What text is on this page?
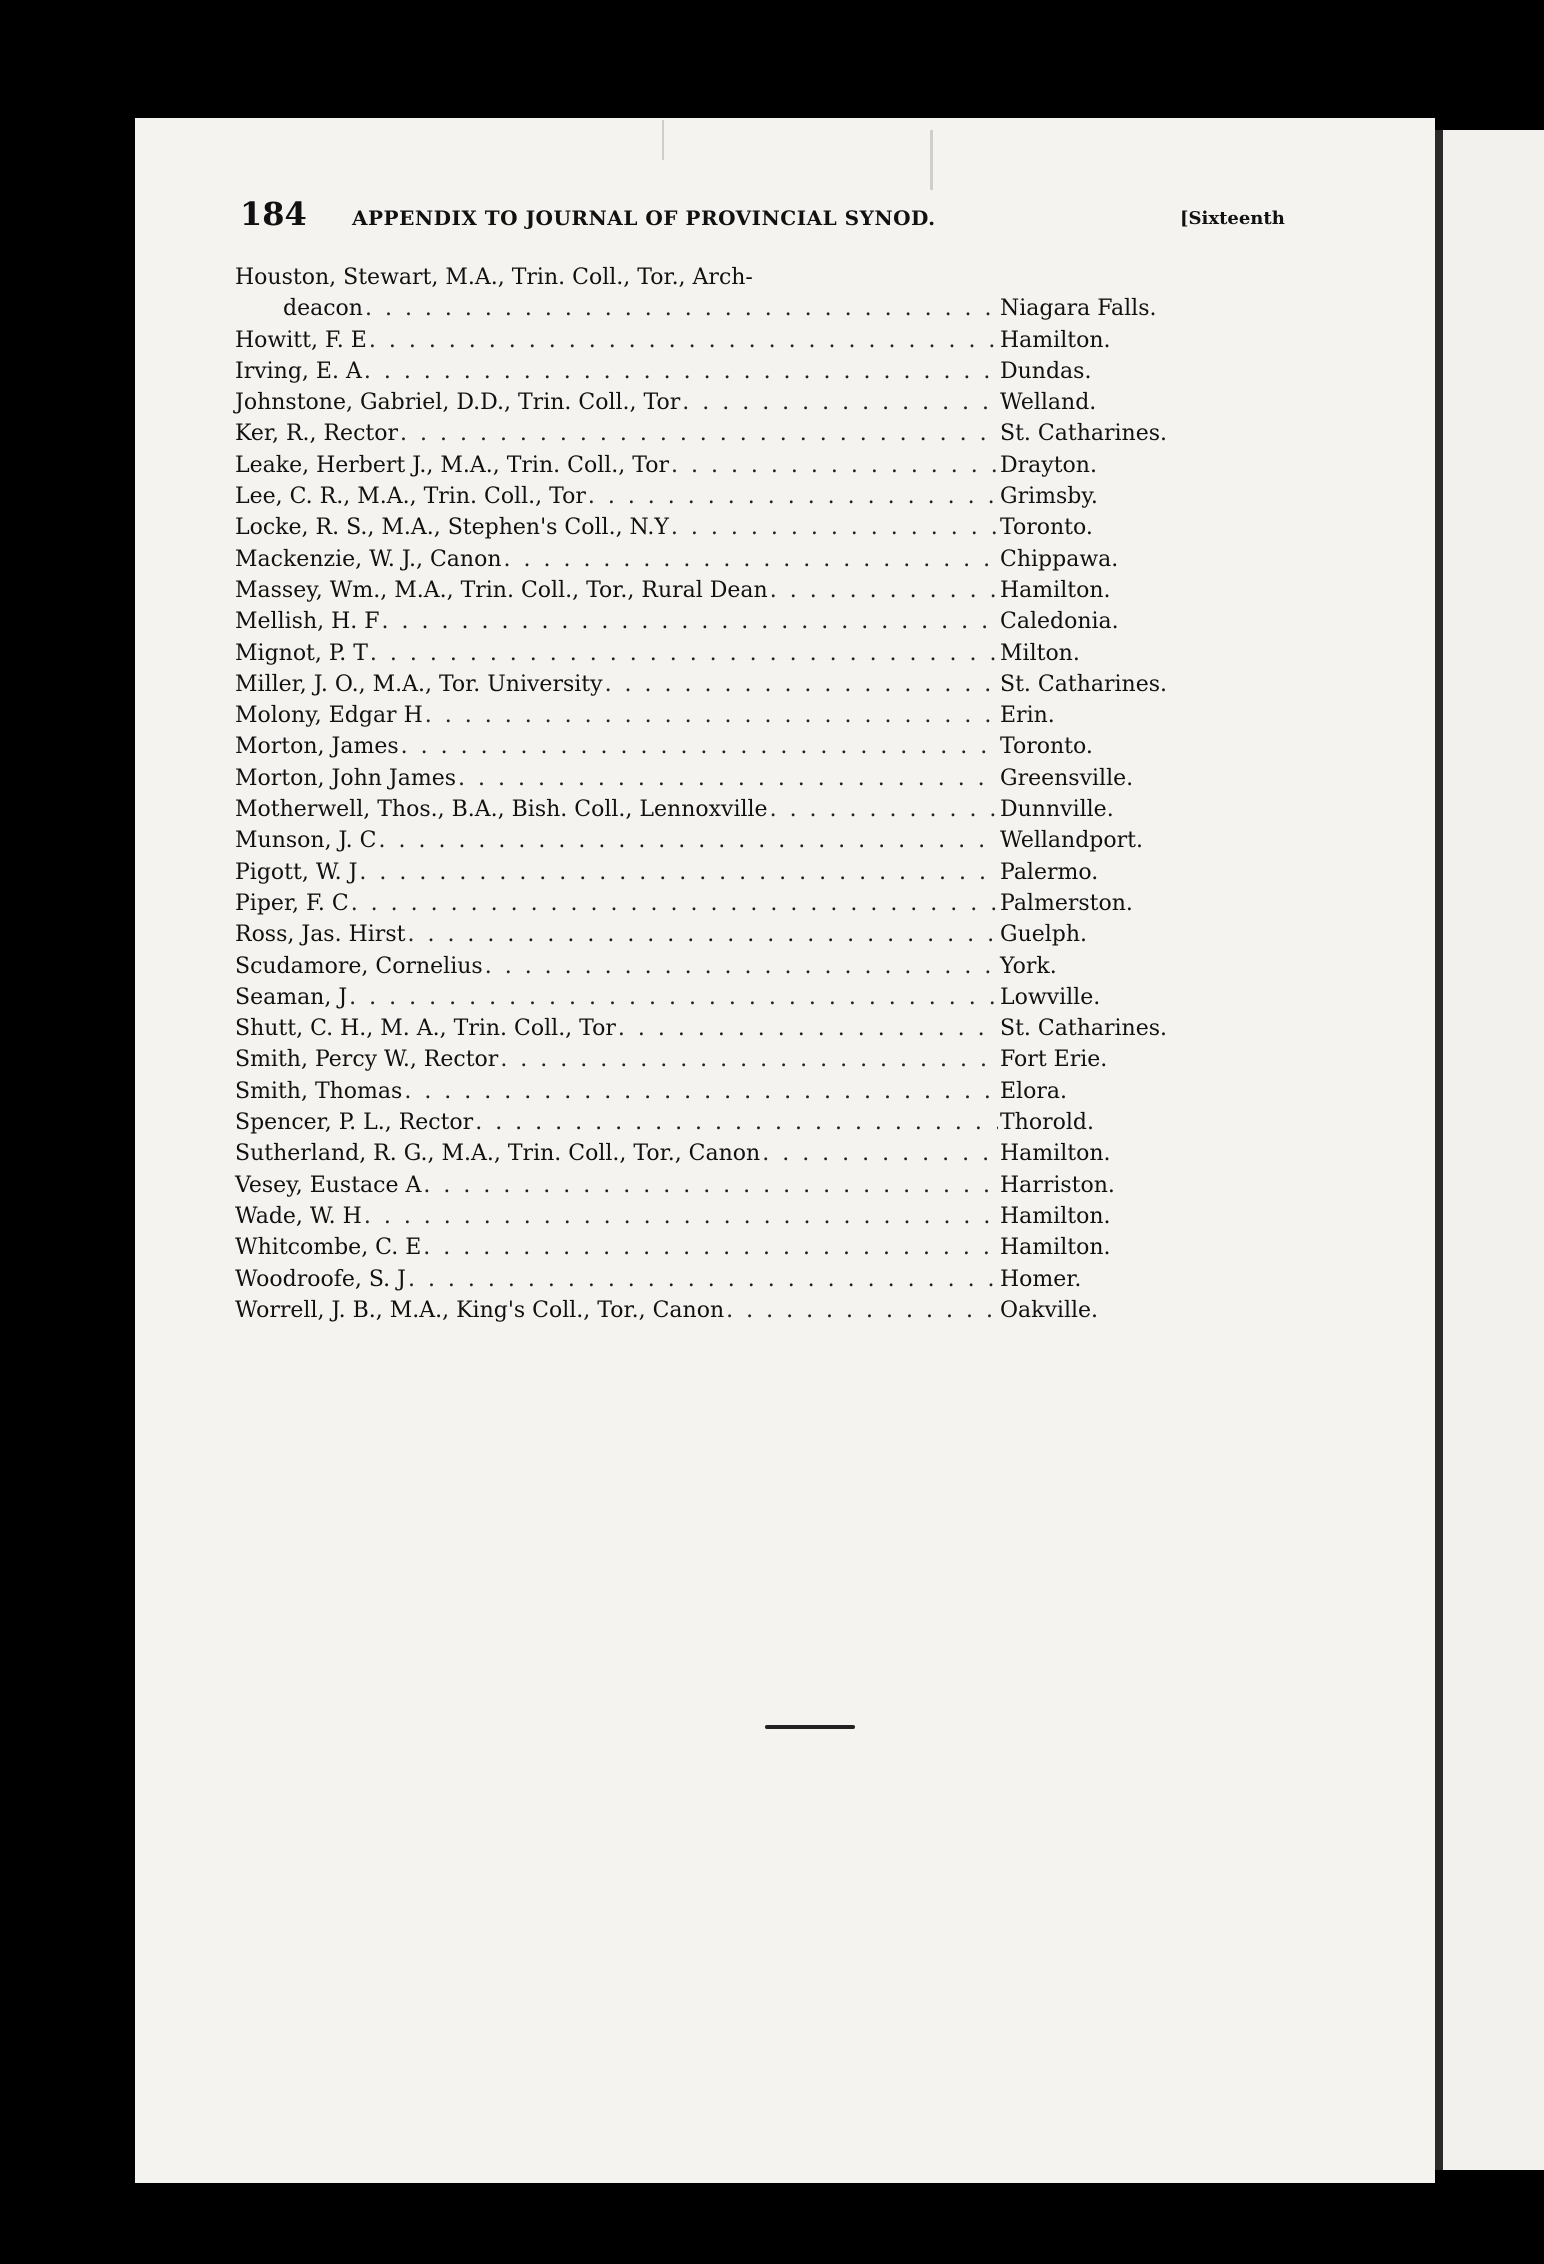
184 APPENDIX TO JOURNAL OF PROVINCIAL SYNOD.	[Sixteenth
Houston, Stewart, M.A., Trin. Coll., Tor., Arch-
deacon . . .	Niagara Falls.
Howitt, F. E . . .	Hamilton.
Irving, E. A . . .	Dundas.
Johnstone, Gabriel, D.D., Trin. Coll., Tor . . .	Welland.
Ker, R., Rector . . .	St. Catharines.
Leake, Herbert J., M.A., Trin. Coll., Tor . . .	Drayton.
Lee, C. R., M.A., Trin. Coll., Tor . . .	Grimsby.
Locke, R. S., M.A., Stephen's Coll., N.Y . . .	Toronto.
Mackenzie, W. J., Canon . . .	Chippawa.
Massey, Wm., M.A., Trin. Coll., Tor., Rural Dean . . .	Hamilton.
Mellish, H. F . . .	Caledonia.
Mignot, P. T . . .	Milton.
Miller, J. O., M.A., Tor. University . . .	St. Catharines.
Molony, Edgar H . . .	Erin.
Morton, James . . .	Toronto.
Morton, John James . . .	Greensville.
Motherwell, Thos., B.A., Bish. Coll., Lennoxville . . .	Dunnville.
Munson, J. C . . .	Wellandport.
Pigott, W. J . . .	Palermo.
Piper, F. C . . .	Palmerston.
Ross, Jas. Hirst . . .	Guelph.
Scudamore, Cornelius . . .	York.
Seaman, J . . .	Lowville.
Shutt, C. H., M. A., Trin. Coll., Tor . . .	St. Catharines.
Smith, Percy W., Rector . . .	Fort Erie.
Smith, Thomas . . .	Elora.
Spencer, P. L., Rector . . .	Thorold.
Sutherland, R. G., M.A., Trin. Coll., Tor., Canon . . .	Hamilton.
Vesey, Eustace A . . .	Harriston.
Wade, W. H . . .	Hamilton.
Whitcombe, C. E . . .	Hamilton.
Woodroofe, S. J . . .	Homer.
Worrell, J. B., M.A., King's Coll., Tor., Canon . . .	Oakville.
